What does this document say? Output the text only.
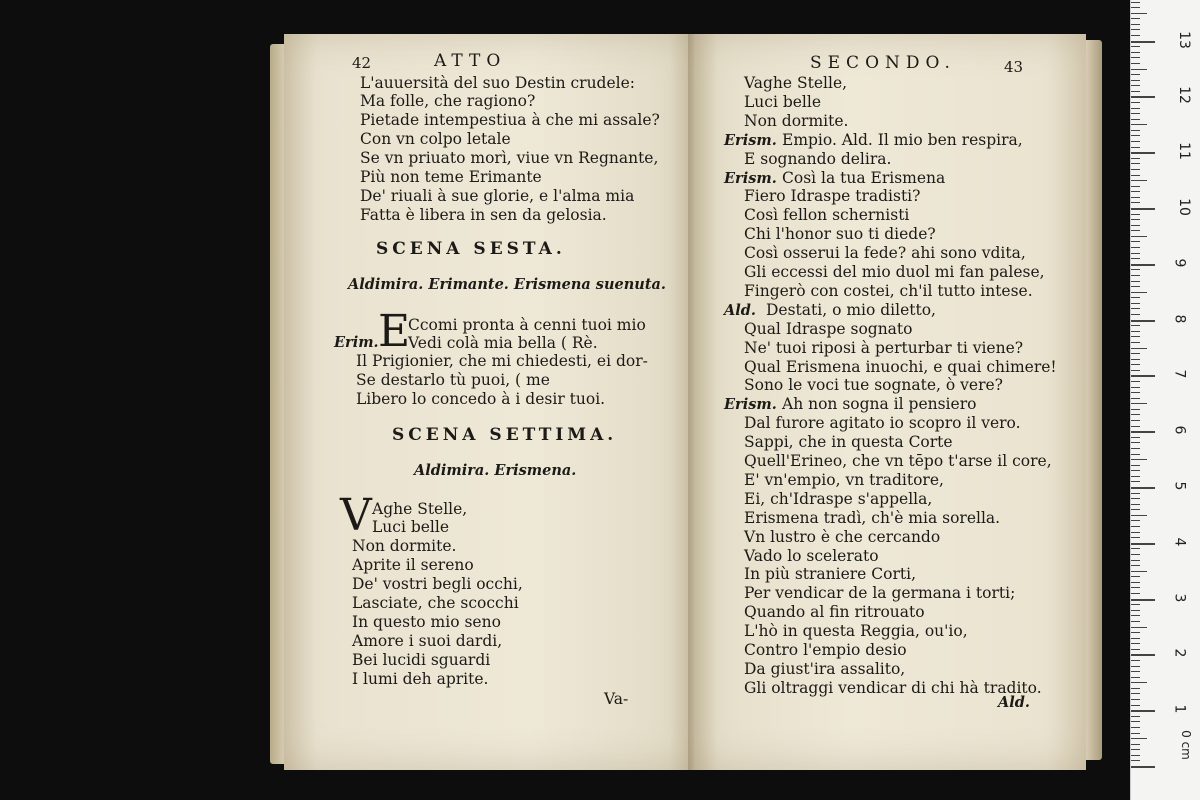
42	ATTO
L'auuersità del suo Destin crudele:
Ma folle, che ragiono?
Pietade intempestiua à che mi assale?
Con vn colpo letale
Se vn priuato morì, viue vn Regnante,
Più non teme Erimante
De' riuali à sue glorie, e l'alma mia
Fatta è libera in sen da gelosia.
SCENA SESTA.
Aldimira. Erimante. Erismena suenuta.
E
Erim.
Ccomi pronta à cenni tuoi mio
Vedi colà mia bella ( Rè.
Il Prigionier, che mi chiedesti, ei dor-
Se destarlo tù puoi, ( me
Libero lo concedo à i desir tuoi.
SCENA SETTIMA.
Aldimira. Erismena.
V Aghe Stelle,
Luci belle
Non dormite.
Aprite il sereno
De' vostri begli occhi,
Lasciate, che scocchi
In questo mio seno
Amore i suoi dardi,
Bei lucidi sguardi
I lumi deh aprite.
Va-
SECONDO.	43
Vaghe Stelle,
Luci belle
Non dormite.
Erism. Empio. Ald. Il mio ben respira,
E sognando delira.
Erism. Così la tua Erismena
Fiero Idraspe tradisti?
Così fellon schernisti
Chi l'honor suo ti diede?
Così osserui la fede? ahi sono vdita,
Gli eccessi del mio duol mi fan palese,
Fingerò con costei, ch'il tutto intese.
Ald. Destati, o mio diletto,
Qual Idraspe sognato
Ne' tuoi riposi à perturbar ti viene?
Qual Erismena inuochi, e quai chimere!
Sono le voci tue sognate, ò vere?
Erism. Ah non sogna il pensiero
Dal furore agitato io scopro il vero.
Sappi, che in questa Corte
Quell'Erineo, che vn tēpo t'arse il core,
E' vn'empio, vn traditore,
Ei, ch'Idraspe s'appella,
Erismena tradì, ch'è mia sorella.
Vn lustro è che cercando
Vado lo scelerato
In più straniere Corti,
Per vendicar de la germana i torti;
Quando al fin ritrouato
L'hò in questa Reggia, ou'io,
Contro l'empio desio
Da giust'ira assalito,
Gli oltraggi vendicar di chi hà tradito.
Ald.
0 cm
13
12
11
10
9
8
7
6
5
4
3
2
1
